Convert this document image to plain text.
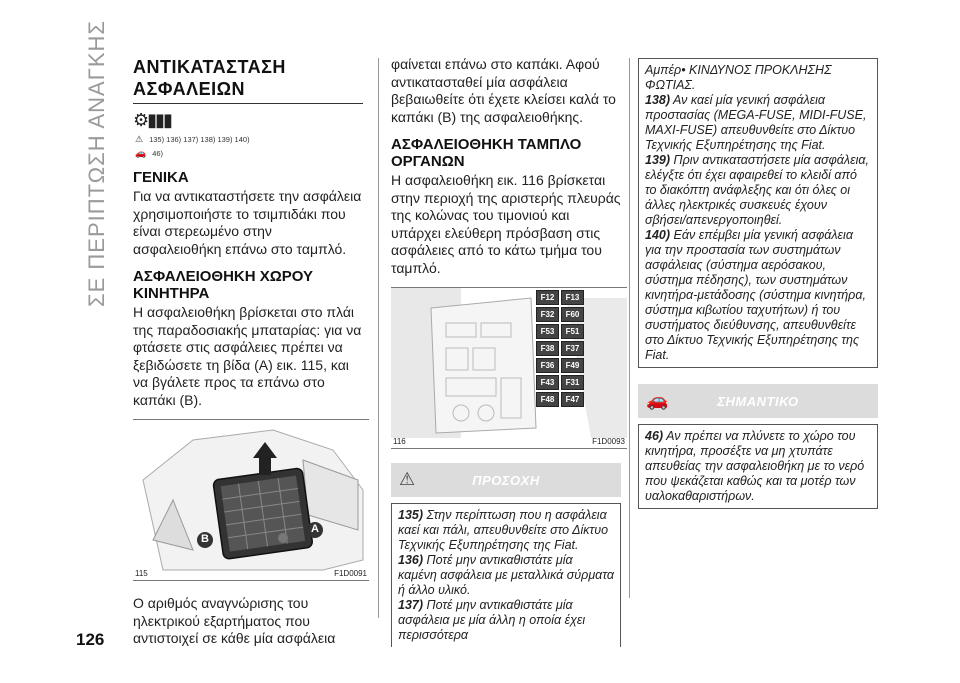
ΣΕ ΠΕΡΙΠΤΩΣΗ ΑΝΑΓΚΗΣ
126
ΑΝΤΙΚΑΤΑΣΤΑΣΗ
ΑΣΦΑΛΕΙΩΝ
⚙︎▮▮▮
⚠ 135) 136) 137) 138) 139) 140)
🚗 46)
ΓΕΝΙΚΑ
Για να αντικαταστήσετε την ασφάλεια χρησιμοποιήστε το τσιμπιδάκι που είναι στερεωμένο στην ασφαλειοθήκη επάνω στο ταμπλό.
ΑΣΦΑΛΕΙΟΘΗΚΗ ΧΩΡΟΥ ΚΙΝΗΤΗΡΑ
Η ασφαλειοθήκη βρίσκεται στο πλάι της παραδοσιακής μπαταρίας: για να φτάσετε στις ασφάλειες πρέπει να ξεβιδώσετε τη βίδα (A) εικ. 115, και να βγάλετε προς τα επάνω στο καπάκι (B).
B
A
115	F1D0091
Ο αριθμός αναγνώρισης του ηλεκτρικού εξαρτήματος που αντιστοιχεί σε κάθε μία ασφάλεια
φαίνεται επάνω στο καπάκι. Αφού αντικατασταθεί μία ασφάλεια βεβαιωθείτε ότι έχετε κλείσει καλά το καπάκι (B) της ασφαλειοθήκης.
ΑΣΦΑΛΕΙΟΘΗΚΗ ΤΑΜΠΛΟ ΟΡΓΑΝΩΝ
Η ασφαλειοθήκη εικ. 116 βρίσκεται στην περιοχή της αριστερής πλευράς της κολώνας του τιμονιού και υπάρχει ελεύθερη πρόσβαση στις ασφάλειες από το κάτω τμήμα του ταμπλό.
F12	F13
F32	F60
F53	F51
F38	F37
F36	F49
F43	F31
F48	F47
116	F1D0093
⚠	ΠΡΟΣΟΧΗ
135) Στην περίπτωση που η ασφάλεια καεί και πάλι, απευθυνθείτε στο Δίκτυο Τεχνικής Εξυπηρέτησης της Fiat.
136) Ποτέ μην αντικαθιστάτε μία καμένη ασφάλεια με μεταλλικά σύρματα ή άλλο υλικό.
137) Ποτέ μην αντικαθιστάτε μία ασφάλεια με μία άλλη η οποία έχει περισσότερα
Αμπέρ• ΚΙΝΔΥΝΟΣ ΠΡΟΚΛΗΣΗΣ ΦΩΤΙΑΣ.
138) Αν καεί μία γενική ασφάλεια προστασίας (MEGA-FUSE, MIDI-FUSE, MAXI-FUSE) απευθυνθείτε στο Δίκτυο Τεχνικής Εξυπηρέτησης της Fiat.
139) Πριν αντικαταστήσετε μία ασφάλεια, ελέγξτε ότι έχει αφαιρεθεί το κλειδί από το διακόπτη ανάφλεξης και ότι όλες οι άλλες ηλεκτρικές συσκευές έχουν σβήσει/απενεργοποιηθεί.
140) Εάν επέμβει μία γενική ασφάλεια για την προστασία των συστημάτων ασφάλειας (σύστημα αερόσακου, σύστημα πέδησης), των συστημάτων κινητήρα-μετάδοσης (σύστημα κινητήρα, σύστημα κιβωτίου ταχυτήτων) ή του συστήματος διεύθυνσης, απευθυνθείτε στο Δίκτυο Τεχνικής Εξυπηρέτησης της Fiat.
🚗	ΣΗΜΑΝΤΙΚΟ
46) Αν πρέπει να πλύνετε το χώρο του κινητήρα, προσέξτε να μη χτυπάτε απευθείας την ασφαλειοθήκη με το νερό που ψεκάζεται καθώς και τα μοτέρ των υαλοκαθαριστήρων.
